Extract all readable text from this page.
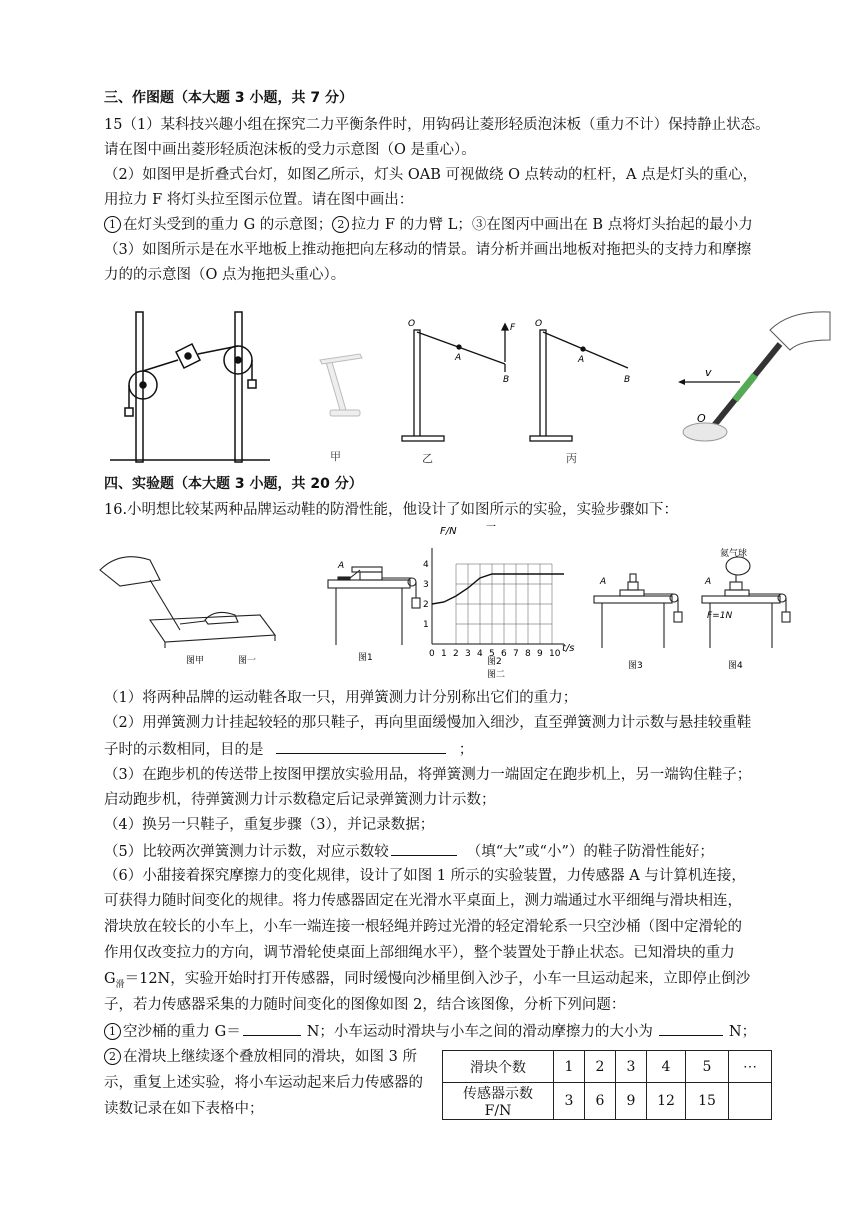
三、作图题（本大题 3 小题，共 7 分）
15（1）某科技兴趣小组在探究二力平衡条件时，用钩码让菱形轻质泡沫板（重力不计）保持静止状态。
请在图中画出菱形轻质泡沫板的受力示意图（O 是重心）。
（2）如图甲是折叠式台灯，如图乙所示，灯头 OAB 可视做绕 O 点转动的杠杆，A 点是灯头的重心，
用拉力 F 将灯头拉至图示位置。请在图中画出：
1 在灯头受到的重力 G 的示意图； 2 拉力 F 的力臂 L；③在图丙中画出在 B 点将灯头抬起的最小力
（3）如图所示是在水平地板上推动拖把向左移动的情景。请分析并画出地板对拖把头的支持力和摩擦
力的的示意图（O 点为拖把头重心）。
甲
O
A
B
F
乙
O
A
B
丙
v
O
四、实验题（本大题 3 小题，共 20 分）
16.小明想比较某两种品牌运动鞋的防滑性能，他设计了如图所示的实验，实验步骤如下：
图甲	图一
A
图1	0 1 2 3 4 5 6 7 8 9 10
1
2
3
4
F/N
t/s
一
图2
图二
A
图3
氦气球
A
F=1N
图4
（1）将两种品牌的运动鞋各取一只，用弹簧测力计分别称出它们的重力；
（2）用弹簧测力计挂起较轻的那只鞋子，再向里面缓慢加入细沙，直至弹簧测力计示数与悬挂较重鞋
子时的示数相同，目的是	；
（3）在跑步机的传送带上按图甲摆放实验用品，将弹簧测力一端固定在跑步机上，另一端钩住鞋子；
启动跑步机，待弹簧测力计示数稳定后记录弹簧测力计示数；
（4）换另一只鞋子，重复步骤（3），并记录数据；
（5）比较两次弹簧测力计示数，对应示数较	（填“大”或“小”）的鞋子防滑性能好；
（6）小甜接着探究摩擦力的变化规律，设计了如图 1 所示的实验装置，力传感器 A 与计算机连接，
可获得力随时间变化的规律。将力传感器固定在光滑水平桌面上，测力端通过水平细绳与滑块相连，
滑块放在较长的小车上，小车一端连接一根轻绳并跨过光滑的轻定滑轮系一只空沙桶（图中定滑轮的
作用仅改变拉力的方向，调节滑轮使桌面上部细绳水平），整个装置处于静止状态。已知滑块的重力
$G_滑=12N$，实验开始时打开传感器，同时缓慢向沙桶里倒入沙子，小车一旦运动起来，立即停止倒沙
子，若力传感器采集的力随时间变化的图像如图 2，结合该图像，分析下列问题：
1 空沙桶的重力 G＝	N；小车运动时滑块与小车之间的滑动摩擦力的大小为	N；
2 在滑块上继续逐个叠放相同的滑块，如图 3 所
示，重复上述实验，将小车运动起来后力传感器的
读数记录在如下表格中；
滑块个数	1	2	3	4	5	⋯
传感器示数 F/N	3	6	9	12	15	
